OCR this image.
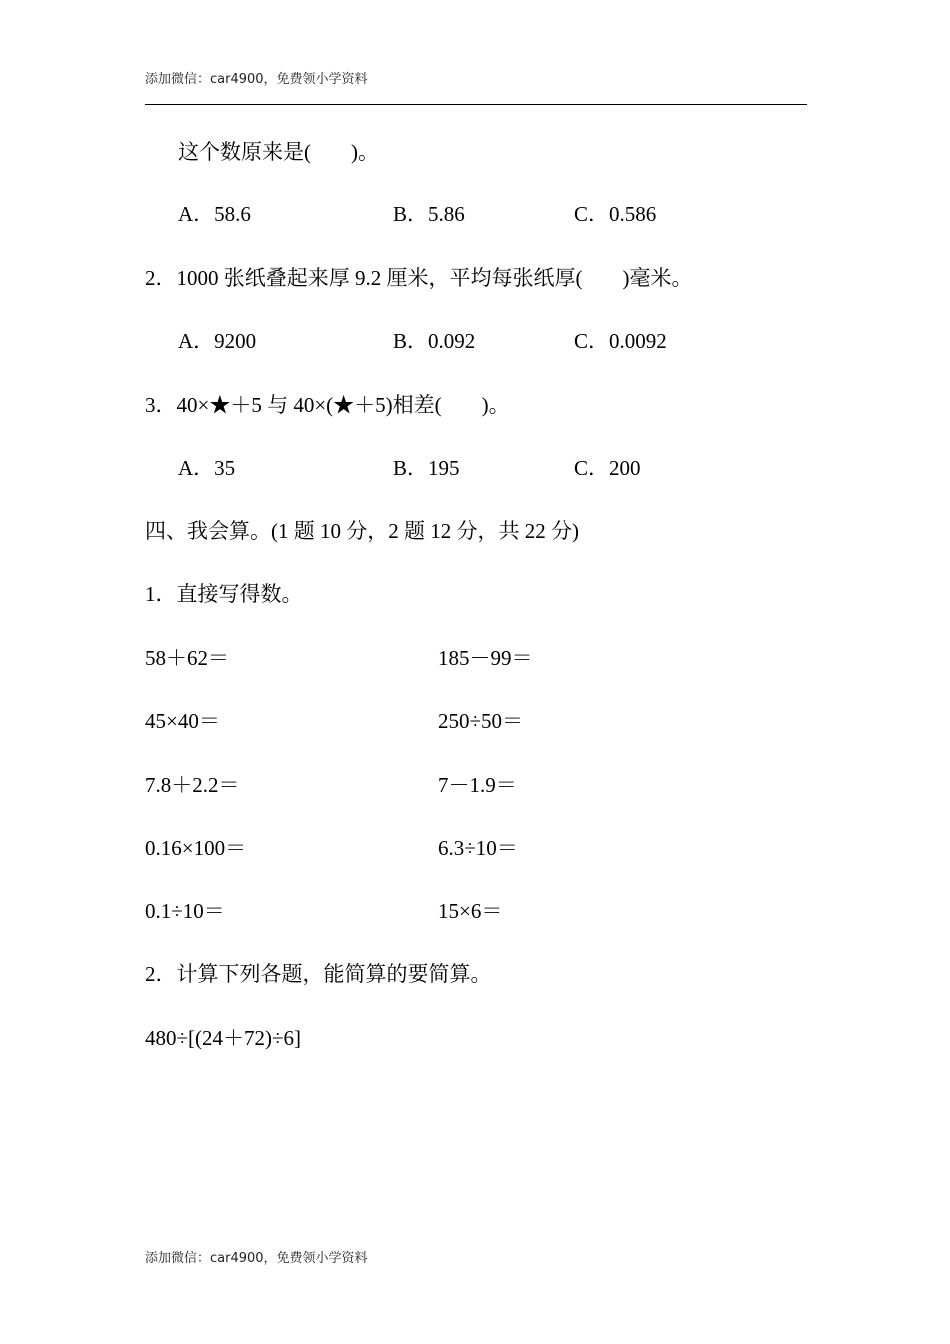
添加微信：car4900，免费领小学资料
这个数原来是( )。
A．58.6	B．5.86	C．0.586
2．1000 张纸叠起来厚 9.2 厘米，平均每张纸厚( )毫米。
A．9200	B．0.092	C．0.0092
3．40×★＋5 与 40×(★＋5)相差( )。
A．35	B．195	C．200
四、我会算。(1 题 10 分，2 题 12 分，共 22 分)
1．直接写得数。
58＋62＝	185－99＝
45×40＝	250÷50＝
7.8＋2.2＝	7－1.9＝
0.16×100＝	6.3÷10＝
0.1÷10＝	15×6＝
2．计算下列各题，能简算的要简算。
480÷[(24＋72)÷6]
添加微信：car4900，免费领小学资料
